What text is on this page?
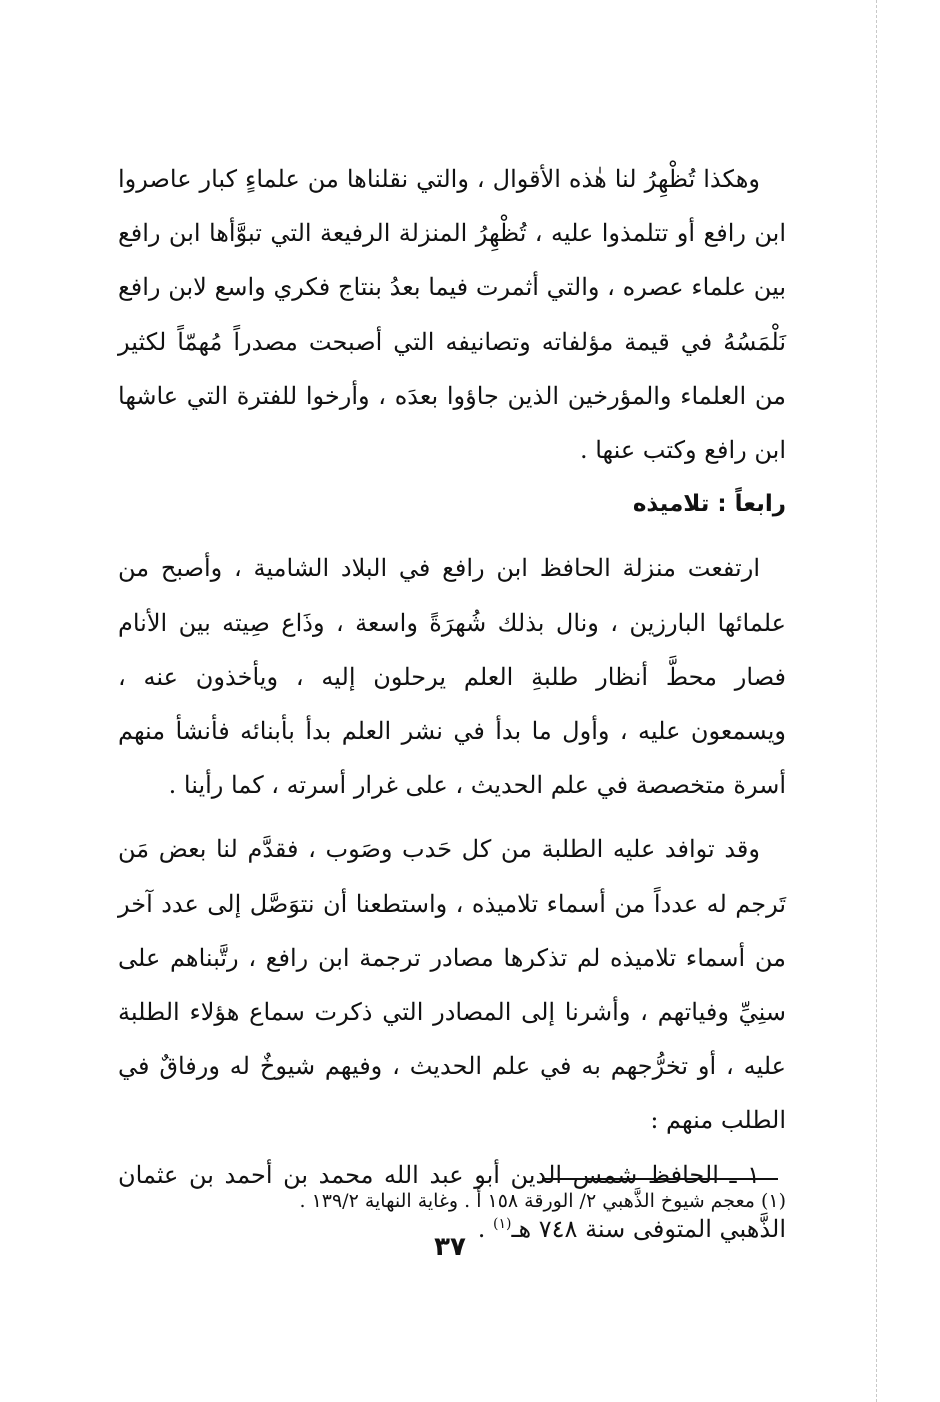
وهكذا تُظْهِرُ لنا هٰذه الأقوال ، والتي نقلناها من علماءٍ كبار عاصروا ابن رافع أو تتلمذوا عليه ، تُظْهِرُ المنزلة الرفيعة التي تبوَّأها ابن رافع بين علماء عصره ، والتي أثمرت فيما بعدُ بنتاج فكري واسع لابن رافع نَلْمَسُهُ في قيمة مؤلفاته وتصانيفه التي أصبحت مصدراً مُهمّاً لكثير من العلماء والمؤرخين الذين جاؤوا بعدَه ، وأرخوا للفترة التي عاشها ابن رافع وكتب عنها .

رابعاً : تلاميذه

ارتفعت منزلة الحافظ ابن رافع في البلاد الشامية ، وأصبح من علمائها البارزين ، ونال بذلك شُهرَةً واسعة ، وذَاع صِيته بين الأنام فصار محطَّ أنظار طلبةِ العلم يرحلون إليه ، ويأخذون عنه ، ويسمعون عليه ، وأول ما بدأ في نشر العلم بدأ بأبنائه فأنشأ منهم أسرة متخصصة في علم الحديث ، على غرار أسرته ، كما رأينا .

وقد توافد عليه الطلبة من كل حَدب وصَوب ، فقدَّم لنا بعض مَن تَرجم له عدداً من أسماء تلاميذه ، واستطعنا أن نتوَصَّل إلى عدد آخر من أسماء تلاميذه لم تذكرها مصادر ترجمة ابن رافع ، رتَّبناهم على سنِيِّ وفياتهم ، وأشرنا إلى المصادر التي ذكرت سماع هؤلاء الطلبة عليه ، أو تخرُّجهم به في علم الحديث ، وفيهم شيوخٌ له ورفاقٌ في الطلب منهم :

١ ـ الحافظ شمس الدين أبو عبد الله محمد بن أحمد بن عثمان الذَّهبي المتوفى سنة ٧٤٨ هـ$^{(١)}$ .

(١) معجم شيوخ الذَّهبي ٢/ الورقة ١٥٨ أ . وغاية النهاية ١٣٩/٢ .
٣٧
